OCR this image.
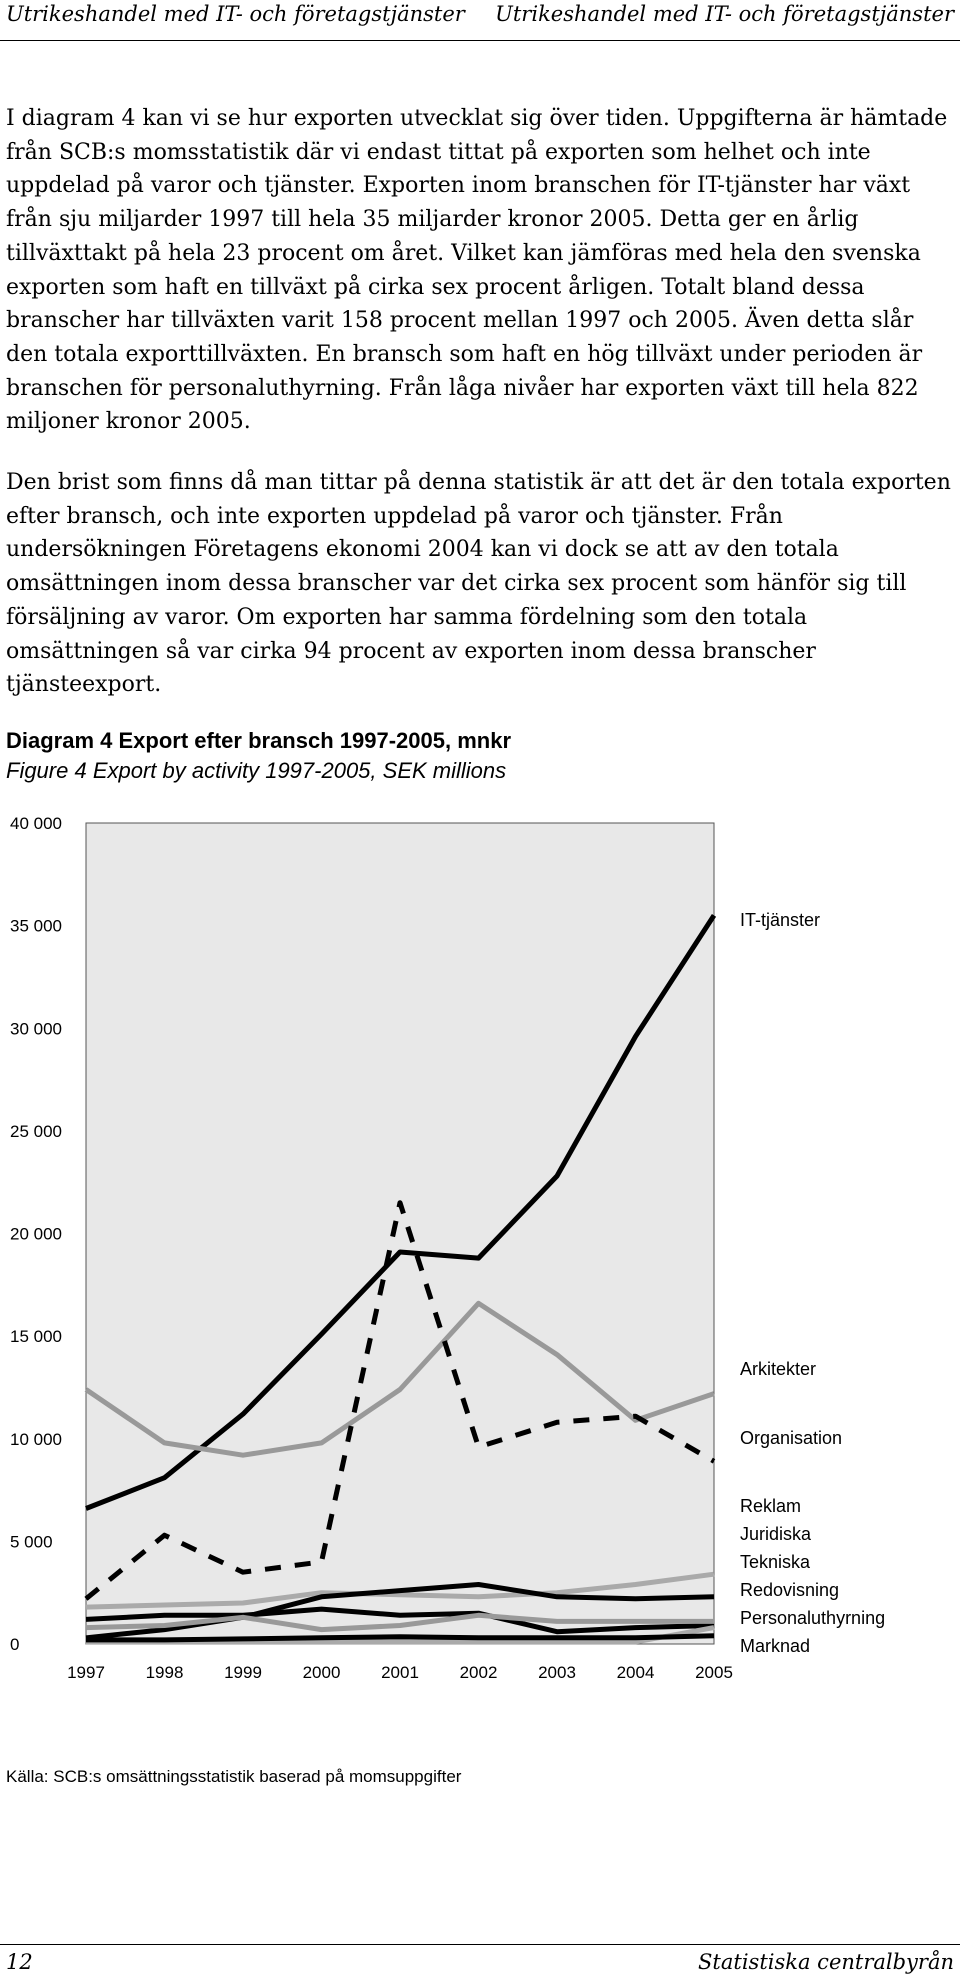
Utrikeshandel med IT- och företagstjänster Utrikeshandel med IT- och företagstjänster

I diagram 4 kan vi se hur exporten utvecklat sig över tiden. Uppgifterna är hämtade från SCB:s momsstatistik där vi endast tittat på exporten som helhet och inte uppdelad på varor och tjänster. Exporten inom branschen för IT-tjänster har växt från sju miljarder 1997 till hela 35 miljarder kronor 2005. Detta ger en årlig tillväxttakt på hela 23 procent om året. Vilket kan jämföras med hela den svenska exporten som haft en tillväxt på cirka sex procent årligen. Totalt bland dessa branscher har tillväxten varit 158 procent mellan 1997 och 2005. Även detta slår den totala exporttillväxten. En bransch som haft en hög tillväxt under perioden är branschen för personaluthyrning. Från låga nivåer har exporten växt till hela 822 miljoner kronor 2005.

Den brist som finns då man tittar på denna statistik är att det är den totala exporten efter bransch, och inte exporten uppdelad på varor och tjänster. Från undersökningen Företagens ekonomi 2004 kan vi dock se att av den totala omsättningen inom dessa branscher var det cirka sex procent som hänför sig till försäljning av varor. Om exporten har samma fördelning som den totala omsättningen så var cirka 94 procent av exporten inom dessa branscher tjänsteexport.

Diagram 4 Export efter bransch 1997-2005, mnkr

Figure 4 Export by activity 1997-2005, SEK millions

0
5 000
10 000
15 000
20 000
25 000
30 000
35 000
40 000
1997 1998 1999 2000 2001 2002 2003 2004 2005
IT-tjänster
Arkitekter
Organisation
Reklam
Juridiska
Tekniska
Redovisning
Personaluthyrning
Marknad

Källa: SCB:s omsättningsstatistik baserad på momsuppgifter

12	Statistiska centralbyrån
